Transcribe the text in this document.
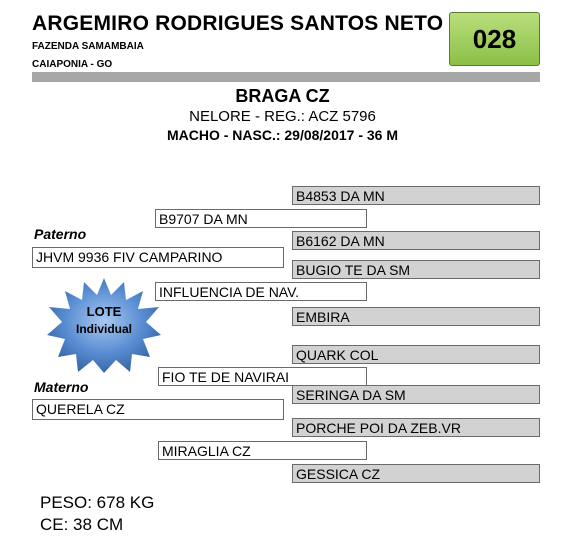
ARGEMIRO RODRIGUES SANTOS NETO
FAZENDA SAMAMBAIA
CAIAPONIA - GO
028
BRAGA CZ
NELORE - REG.: ACZ 5796
MACHO - NASC.: 29/08/2017 - 36 M
B4853 DA MN
B9707 DA MN
Paterno	B6162 DA MN
JHVM 9936 FIV CAMPARINO
BUGIO TE DA SM
INFLUENCIA DE NAV.
EMBIRA
QUARK COL
FIO TE DE NAVIRAI
Materno	SERINGA DA SM
QUERELA CZ
PORCHE POI DA ZEB.VR
MIRAGLIA CZ
GESSICA CZ
LOTE
Individual
PESO: 678 KG
CE: 38 CM
